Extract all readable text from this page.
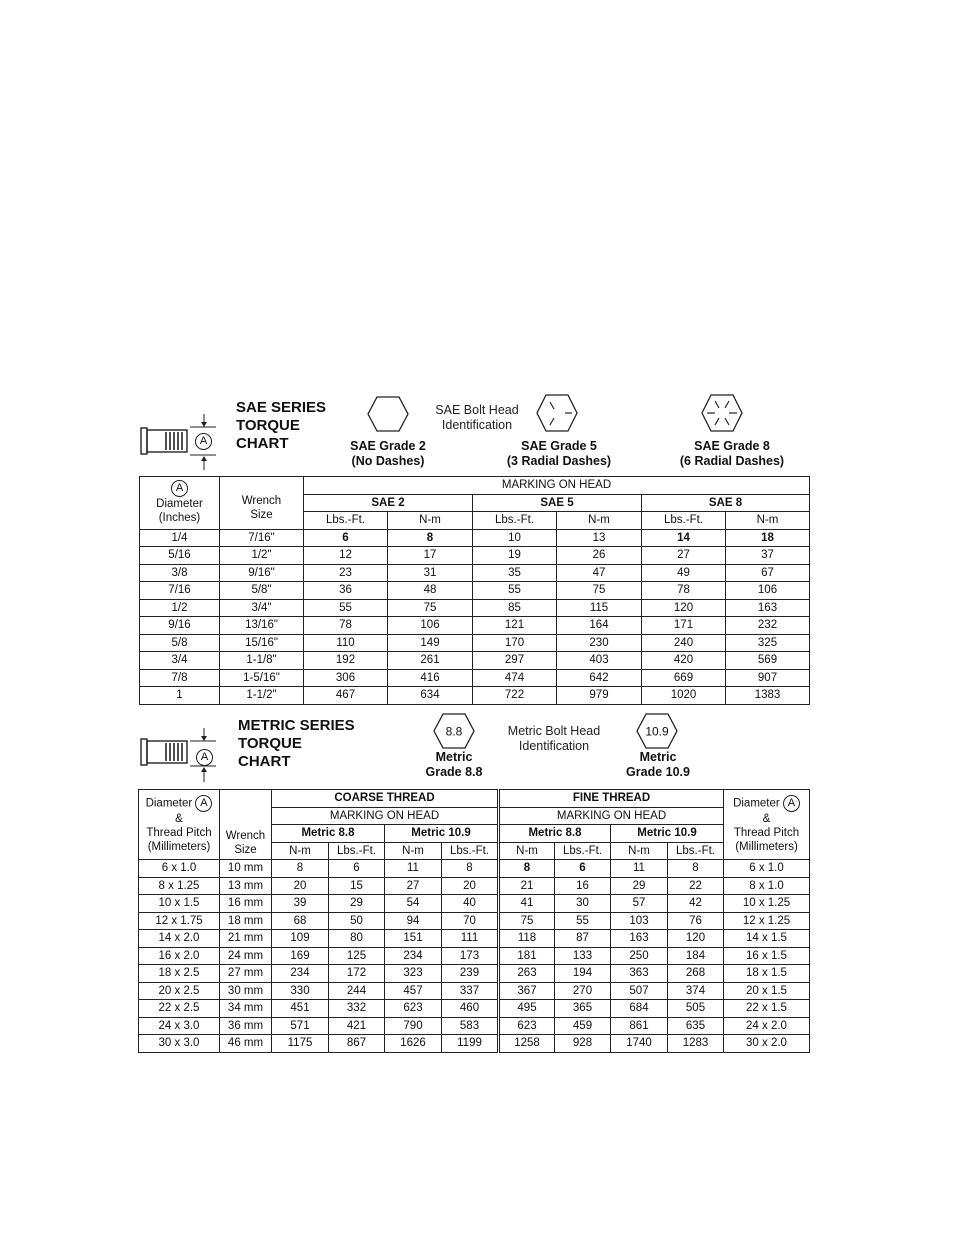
A
SAE SERIES
TORQUE
CHART
SAE Bolt Head
Identification
SAE Grade 2
(No Dashes)
SAE Grade 5
(3 Radial Dashes)
SAE Grade 8
(6 Radial Dashes)
A
Diameter
(Inches)	Wrench
Size	MARKING ON HEAD					
		SAE 2		SAE 5		SAE 8	
		Lbs.-Ft.	N-m	Lbs.-Ft.	N-m	Lbs.-Ft.	N-m
1/4	7/16"	6	8	10	13	14	18
5/16	1/2"	12	17	19	26	27	37
3/8	9/16"	23	31	35	47	49	67
7/16	5/8"	36	48	55	75	78	106
1/2	3/4"	55	75	85	115	120	163
9/16	13/16"	78	106	121	164	171	232
5/8	15/16"	110	149	170	230	240	325
3/4	1-1/8"	192	261	297	403	420	569
7/8	1-5/16"	306	416	474	642	669	907
1	1-1/2"	467	634	722	979	1020	1383
A
METRIC SERIES
TORQUE
CHART
8.8	Metric Bolt Head
Identification
10.9
Metric
Grade 8.8
Metric
Grade 10.9
Diameter A
&
Thread Pitch
(Millimeters)	Wrench
Size	COARSE THREAD				FINE THREAD				Diameter A
&
Thread Pitch
(Millimeters)
		MARKING ON HEAD				MARKING ON HEAD				
		Metric 8.8		Metric 10.9		Metric 8.8		Metric 10.9		
		N-m	Lbs.-Ft.	N-m	Lbs.-Ft.	N-m	Lbs.-Ft.	N-m	Lbs.-Ft.	
6 x 1.0	10 mm	8	6	11	8	8	6	11	8	6 x 1.0
8 x 1.25	13 mm	20	15	27	20	21	16	29	22	8 x 1.0
10 x 1.5	16 mm	39	29	54	40	41	30	57	42	10 x 1.25
12 x 1.75	18 mm	68	50	94	70	75	55	103	76	12 x 1.25
14 x 2.0	21 mm	109	80	151	111	118	87	163	120	14 x 1.5
16 x 2.0	24 mm	169	125	234	173	181	133	250	184	16 x 1.5
18 x 2.5	27 mm	234	172	323	239	263	194	363	268	18 x 1.5
20 x 2.5	30 mm	330	244	457	337	367	270	507	374	20 x 1.5
22 x 2.5	34 mm	451	332	623	460	495	365	684	505	22 x 1.5
24 x 3.0	36 mm	571	421	790	583	623	459	861	635	24 x 2.0
30 x 3.0	46 mm	1175	867	1626	1199	1258	928	1740	1283	30 x 2.0
